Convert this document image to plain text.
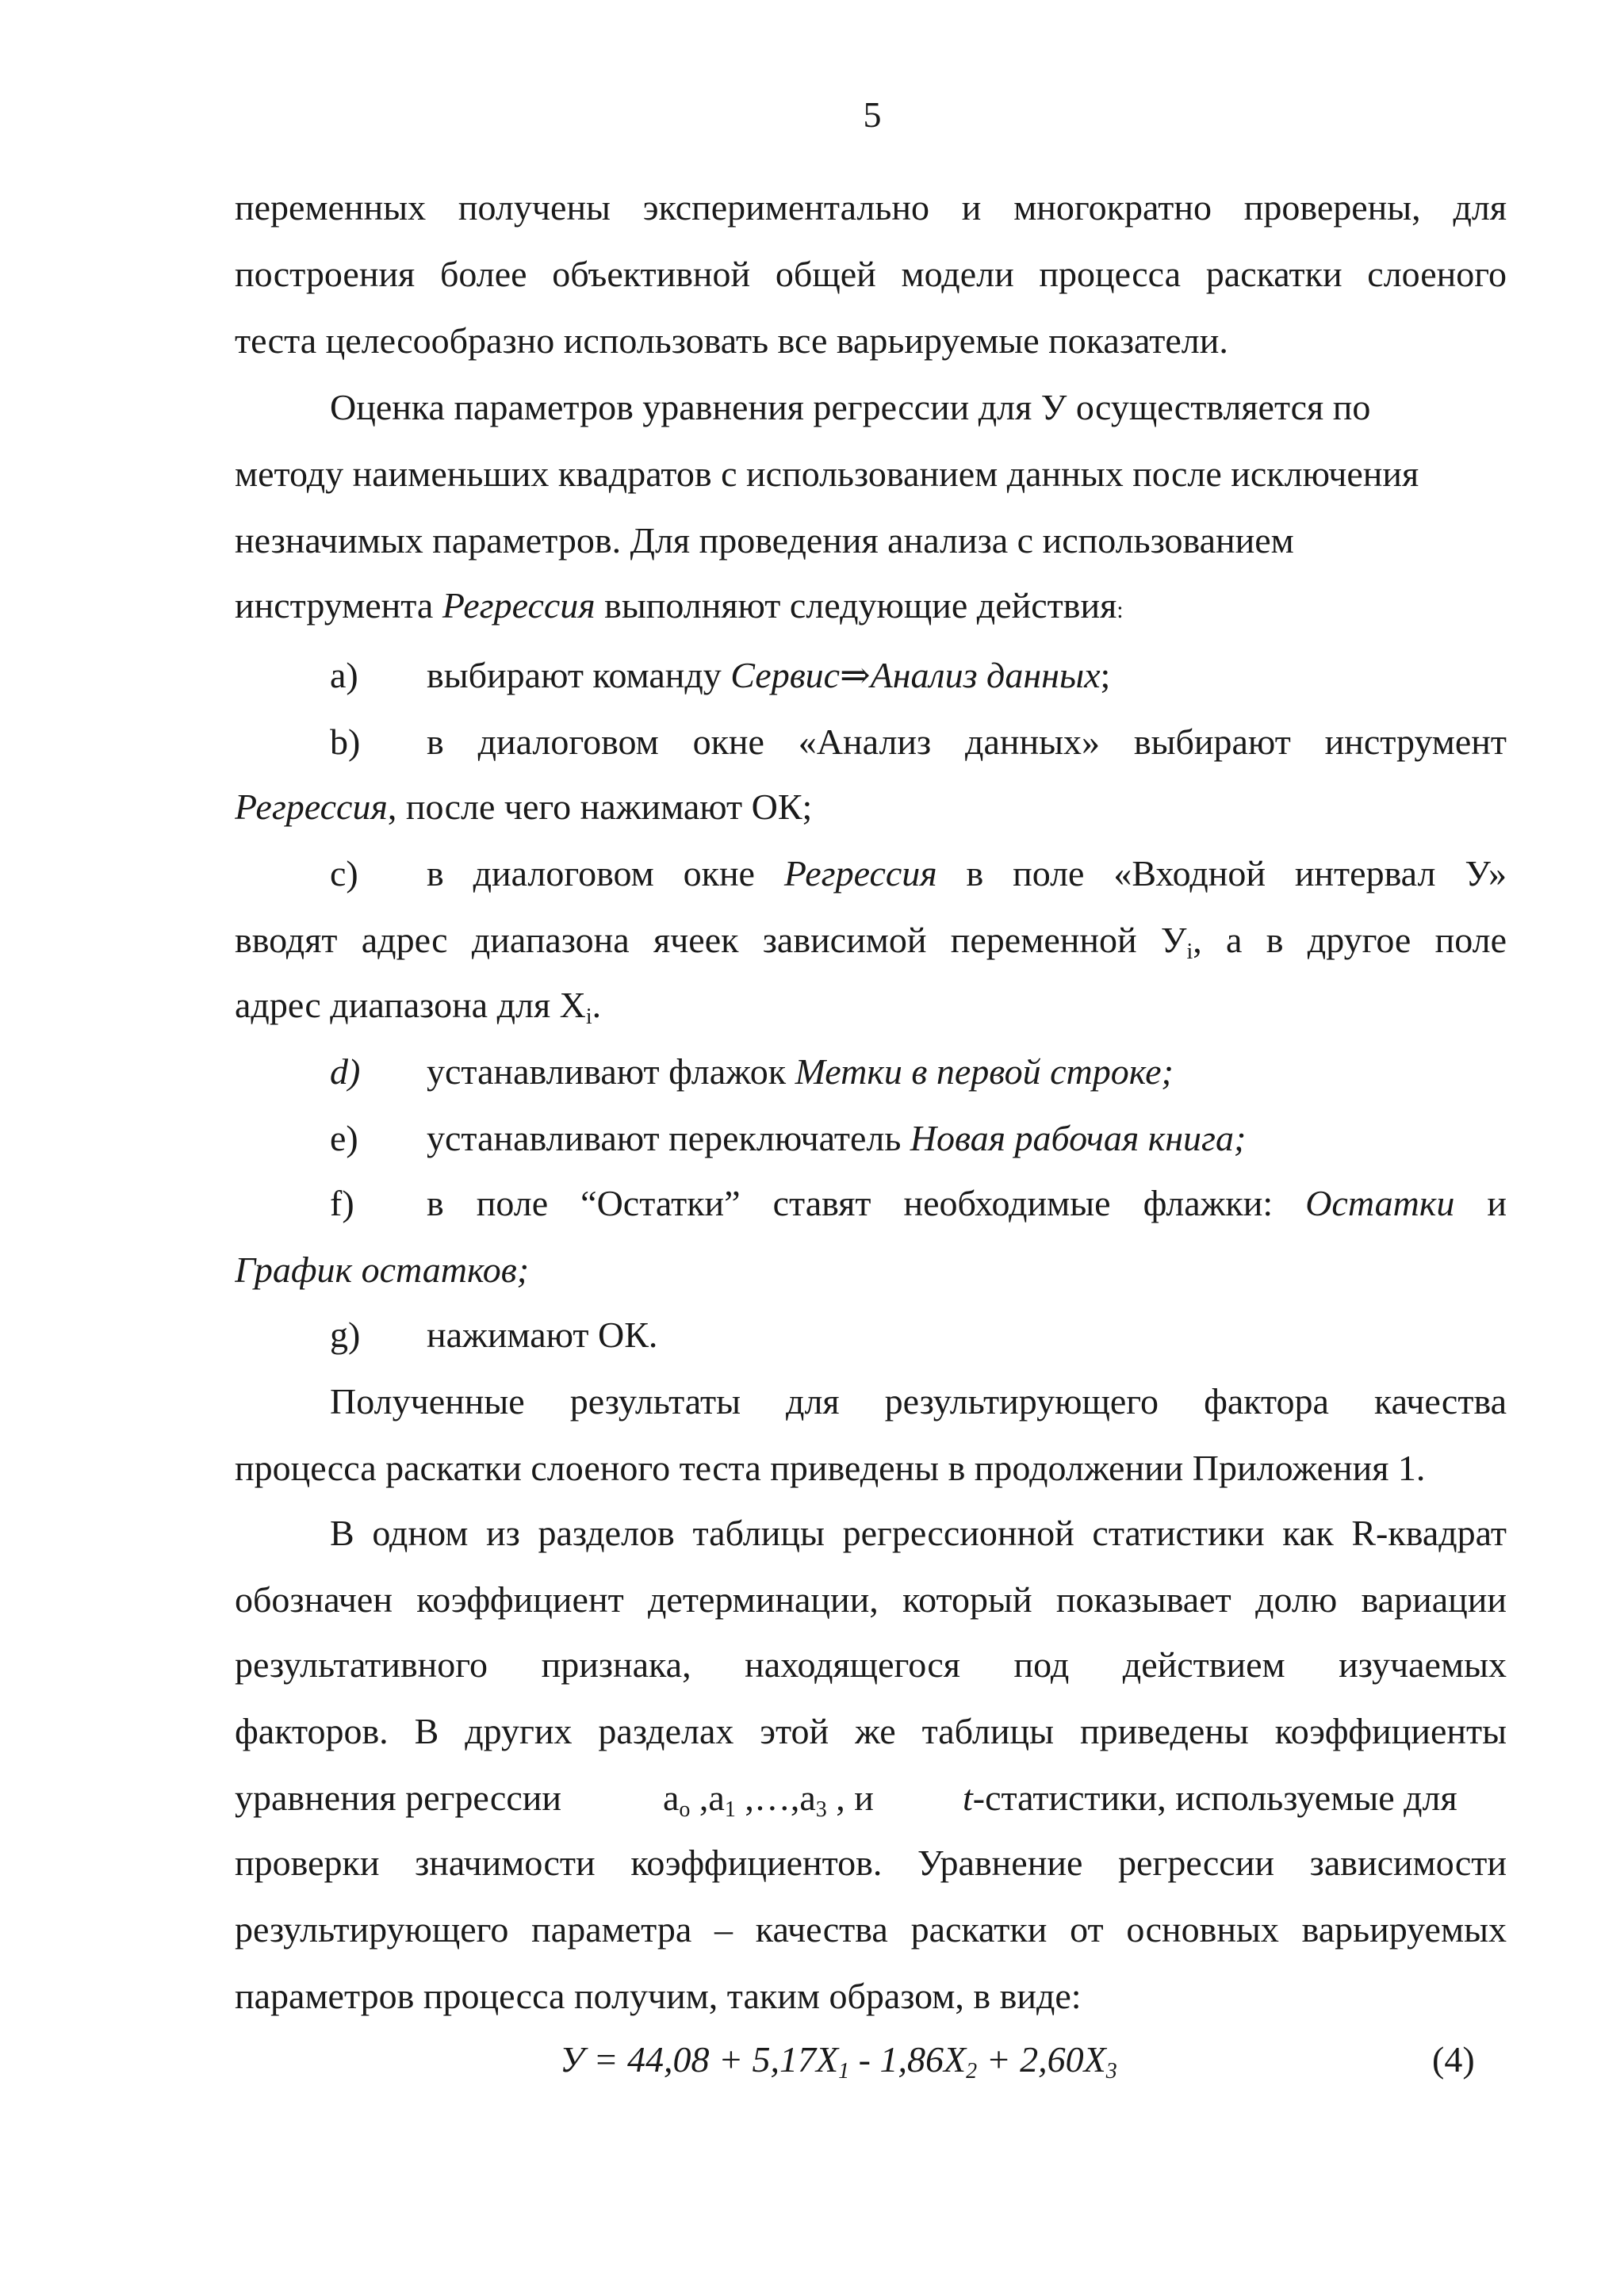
5
переменных получены экспериментально и многократно проверены, для
построения более объективной общей модели процесса раскатки слоеного
теста целесообразно использовать все варьируемые показатели.
Оценка параметров уравнения регрессии для У осуществляется по
методу наименьших квадратов с использованием данных после исключения
незначимых параметров. Для проведения анализа с использованием
инструмента Регрессия выполняют следующие действия:
a)	выбирают команду Сервис⇒Анализ данных;
b)	в диалоговом окне «Анализ данных» выбирают инструмент
Регрессия, после чего нажимают ОК;
c)	в диалоговом окне Регрессия в поле «Входной интервал У»
вводят адрес диапазона ячеек зависимой переменной $У_i$, а в другое поле
адрес диапазона для $X_i$.
d)	устанавливают флажок Метки в первой строке;
e)	устанавливают переключатель Новая рабочая книга;
f)	в поле “Остатки” ставят необходимые флажки: Остатки и
График остатков;
g)	нажимают ОК.
Полученные результаты для результирующего фактора качества
процесса раскатки слоеного теста приведены в продолжении Приложения 1.
В одном из разделов таблицы регрессионной статистики как R-квадрат
обозначен коэффициент детерминации, который показывает долю вариации
результативного признака, находящегося под действием изучаемых
факторов. В других разделах этой же таблицы приведены коэффициенты
уравнения регрессии	$a_o$ $,a_1$ $,\dots,a_3$ , и t-статистики, используемые для
проверки значимости коэффициентов. Уравнение регрессии зависимости
результирующего параметра – качества раскатки от основных варьируемых
параметров процесса получим, таким образом, в виде:
$У = 44,08 + 5,17X_1 - 1,86X_2 + 2,60X_3$	(4)
